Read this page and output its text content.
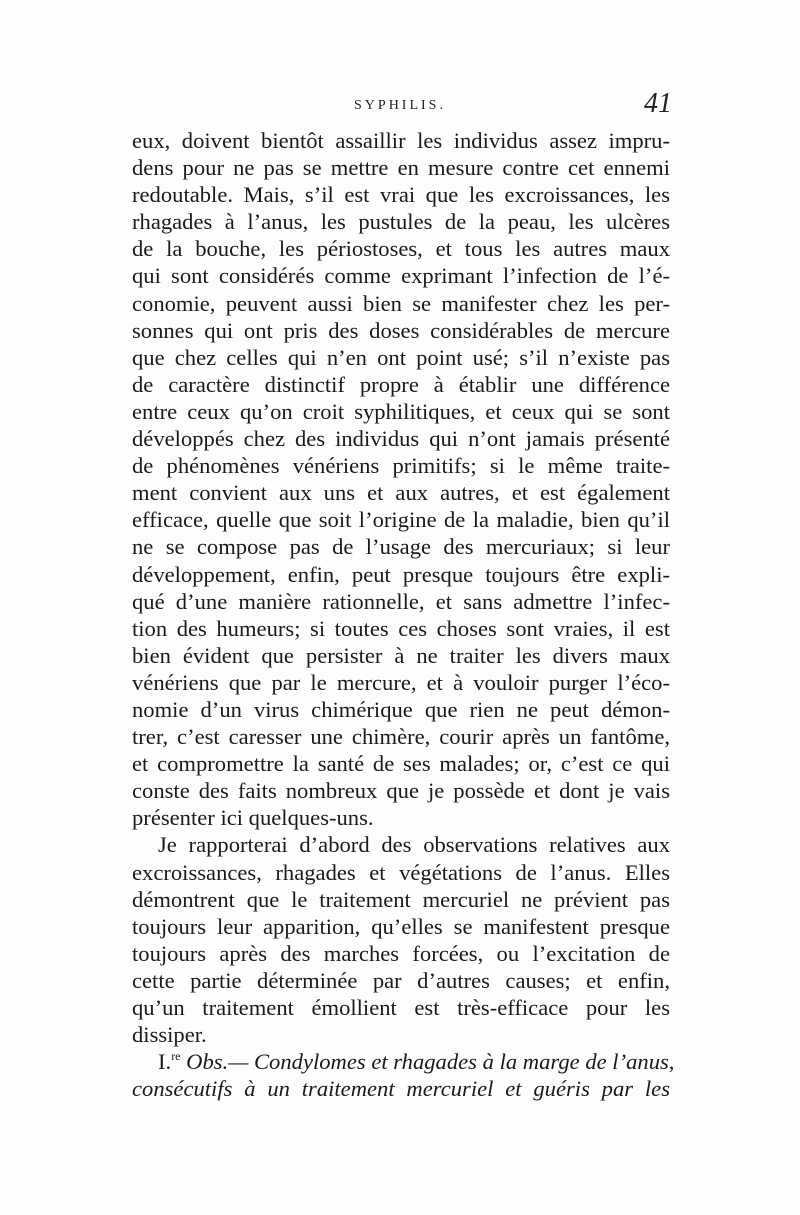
SYPHILIS.	41
eux, doivent bientôt assaillir les individus assez impru-
dens pour ne pas se mettre en mesure contre cet ennemi
redoutable. Mais, s’il est vrai que les excroissances, les
rhagades à l’anus, les pustules de la peau, les ulcères
de la bouche, les périostoses, et tous les autres maux
qui sont considérés comme exprimant l’infection de l’é-
conomie, peuvent aussi bien se manifester chez les per-
sonnes qui ont pris des doses considérables de mercure
que chez celles qui n’en ont point usé; s’il n’existe pas
de caractère distinctif propre à établir une différence
entre ceux qu’on croit syphilitiques, et ceux qui se sont
développés chez des individus qui n’ont jamais présenté
de phénomènes vénériens primitifs; si le même traite-
ment convient aux uns et aux autres, et est également
efficace, quelle que soit l’origine de la maladie, bien qu’il
ne se compose pas de l’usage des mercuriaux; si leur
développement, enfin, peut presque toujours être expli-
qué d’une manière rationnelle, et sans admettre l’infec-
tion des humeurs; si toutes ces choses sont vraies, il est
bien évident que persister à ne traiter les divers maux
vénériens que par le mercure, et à vouloir purger l’éco-
nomie d’un virus chimérique que rien ne peut démon-
trer, c’est caresser une chimère, courir après un fantôme,
et compromettre la santé de ses malades; or, c’est ce qui
conste des faits nombreux que je possède et dont je vais
présenter ici quelques-uns.
Je rapporterai d’abord des observations relatives aux
excroissances, rhagades et végétations de l’anus. Elles
démontrent que le traitement mercuriel ne prévient pas
toujours leur apparition, qu’elles se manifestent presque
toujours après des marches forcées, ou l’excitation de
cette partie déterminée par d’autres causes; et enfin,
qu’un traitement émollient est très-efficace pour les
dissiper.
I.$^{re}$ Obs.— Condylomes et rhagades à la marge de l’anus,
consécutifs à un traitement mercuriel et guéris par les
